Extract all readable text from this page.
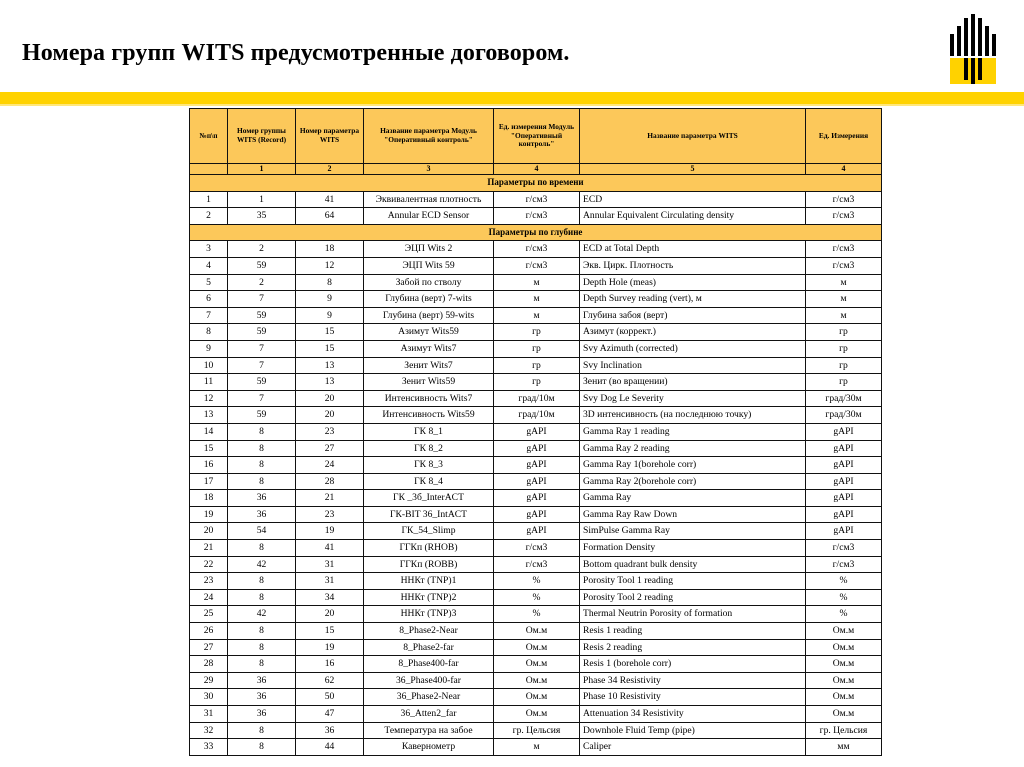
Номера групп WITS предусмотренные договором.
№п\п	Номер группы WITS (Record)	Номер параметра WITS	Название параметра Модуль "Оперативный контроль"	Ед. измерения Модуль "Оперативный контроль"	Название параметра WITS	Ед. Измерения
	1	2	3	4	5	4
Параметры по времени						
1	1	41	Эквивалентная плотность	г/см3	ECD	г/см3
2	35	64	Annular ECD Sensor	г/см3	Annular Equivalent Circulating density	г/см3
Параметры по глубине						
3	2	18	ЭЦП Wits 2	г/см3	ECD at Total Depth	г/см3
4	59	12	ЭЦП Wits 59	г/см3	Экв. Цирк. Плотность	г/см3
5	2	8	Забой по стволу	м	Depth Hole (meas)	м
6	7	9	Глубина (верт) 7-wits	м	Depth Survey reading (vert), м	м
7	59	9	Глубина (верт) 59-wits	м	Глубина забоя (верт)	м
8	59	15	Азимут Wits59	гр	Азимут (коррект.)	гр
9	7	15	Азимут Wits7	гр	Svy Azimuth (corrected)	гр
10	7	13	Зенит Wits7	гр	Svy Inclination	гр
11	59	13	Зенит Wits59	гр	Зенит (во вращении)	гр
12	7	20	Интенсивность Wits7	град/10м	Svy Dog Le Severity	град/30м
13	59	20	Интенсивность Wits59	град/10м	3D интенсивность (на последнюю точку)	град/30м
14	8	23	ГК 8_1	gAPI	Gamma Ray 1 reading	gAPI
15	8	27	ГК 8_2	gAPI	Gamma Ray 2 reading	gAPI
16	8	24	ГК 8_3	gAPI	Gamma Ray 1(borehole corr)	gAPI
17	8	28	ГК 8_4	gAPI	Gamma Ray 2(borehole corr)	gAPI
18	36	21	ГК _3б_InterACT	gAPI	Gamma Ray	gAPI
19	36	23	ГК-BIT 36_IntACT	gAPI	Gamma Ray Raw Down	gAPI
20	54	19	ГК_54_Slimp	gAPI	SimPulse Gamma Ray	gAPI
21	8	41	ГГКп (RHOB)	г/см3	Formation Density	г/см3
22	42	31	ГГКп (ROBB)	г/см3	Bottom quadrant bulk density	г/см3
23	8	31	ННКт (TNP)1	%	Porosity Tool 1 reading	%
24	8	34	ННКт (TNP)2	%	Porosity Tool 2 reading	%
25	42	20	ННКт (TNP)3	%	Thermal Neutrin Porosity of formation	%
26	8	15	8_Phase2-Near	Ом.м	Resis 1 reading	Ом.м
27	8	19	8_Phase2-far	Ом.м	Resis 2 reading	Ом.м
28	8	16	8_Phase400-far	Ом.м	Resis 1 (borehole corr)	Ом.м
29	36	62	36_Phase400-far	Ом.м	Phase 34 Resistivity	Ом.м
30	36	50	36_Phase2-Near	Ом.м	Phase 10 Resistivity	Ом.м
31	36	47	36_Atten2_far	Ом.м	Attenuation 34 Resistivity	Ом.м
32	8	36	Температура на забое	гр. Цельсия	Downhole Fluid Temp (pipe)	гр. Цельсия
33	8	44	Кавернометр	м	Caliper	мм
